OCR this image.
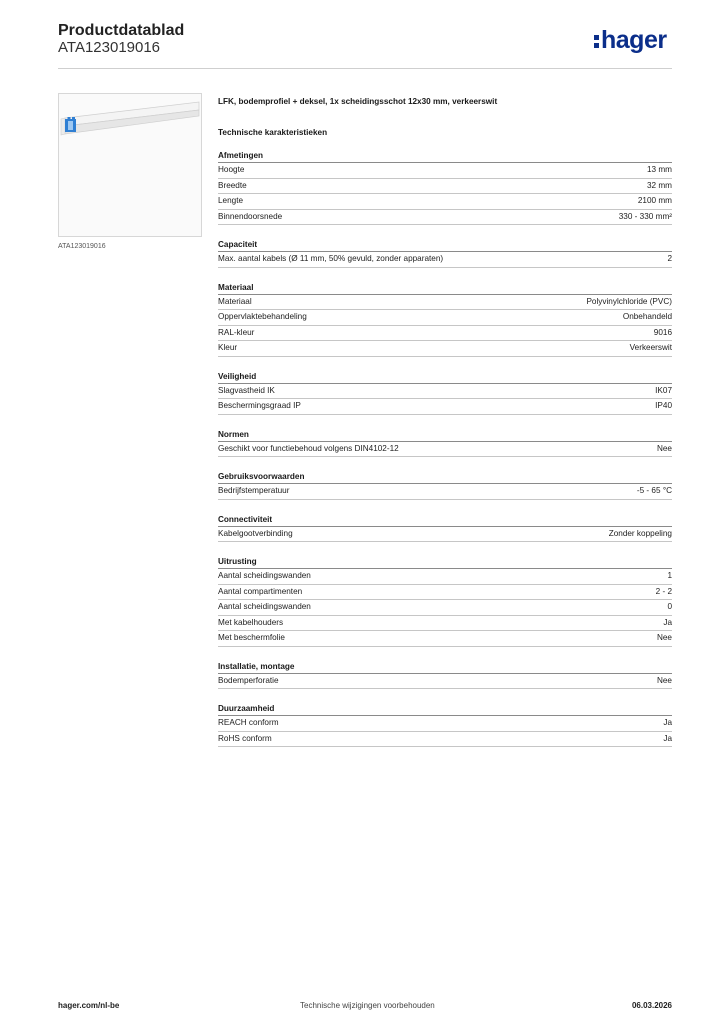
Productdatablad
ATA123019016	hager
ATA123019016
LFK, bodemprofiel + deksel, 1x scheidingsschot 12x30 mm, verkeerswit
Technische karakteristieken
Afmetingen
Hoogte	13 mm
Breedte	32 mm
Lengte	2100 mm
Binnendoorsnede	330 - 330 mm²
Capaciteit
Max. aantal kabels (Ø 11 mm, 50% gevuld, zonder apparaten)	2
Materiaal
Materiaal	Polyvinylchloride (PVC)
Oppervlaktebehandeling	Onbehandeld
RAL-kleur	9016
Kleur	Verkeerswit
Veiligheid
Slagvastheid IK	IK07
Beschermingsgraad IP	IP40
Normen
Geschikt voor functiebehoud volgens DIN4102-12	Nee
Gebruiksvoorwaarden
Bedrijfstemperatuur	-5 - 65 °C
Connectiviteit
Kabelgootverbinding	Zonder koppeling
Uitrusting
Aantal scheidingswanden	1
Aantal compartimenten	2 - 2
Aantal scheidingswanden	0
Met kabelhouders	Ja
Met beschermfolie	Nee
Installatie, montage
Bodemperforatie	Nee
Duurzaamheid
REACH conform	Ja
RoHS conform	Ja
hager.com/nl-be	Technische wijzigingen voorbehouden	06.03.2026
